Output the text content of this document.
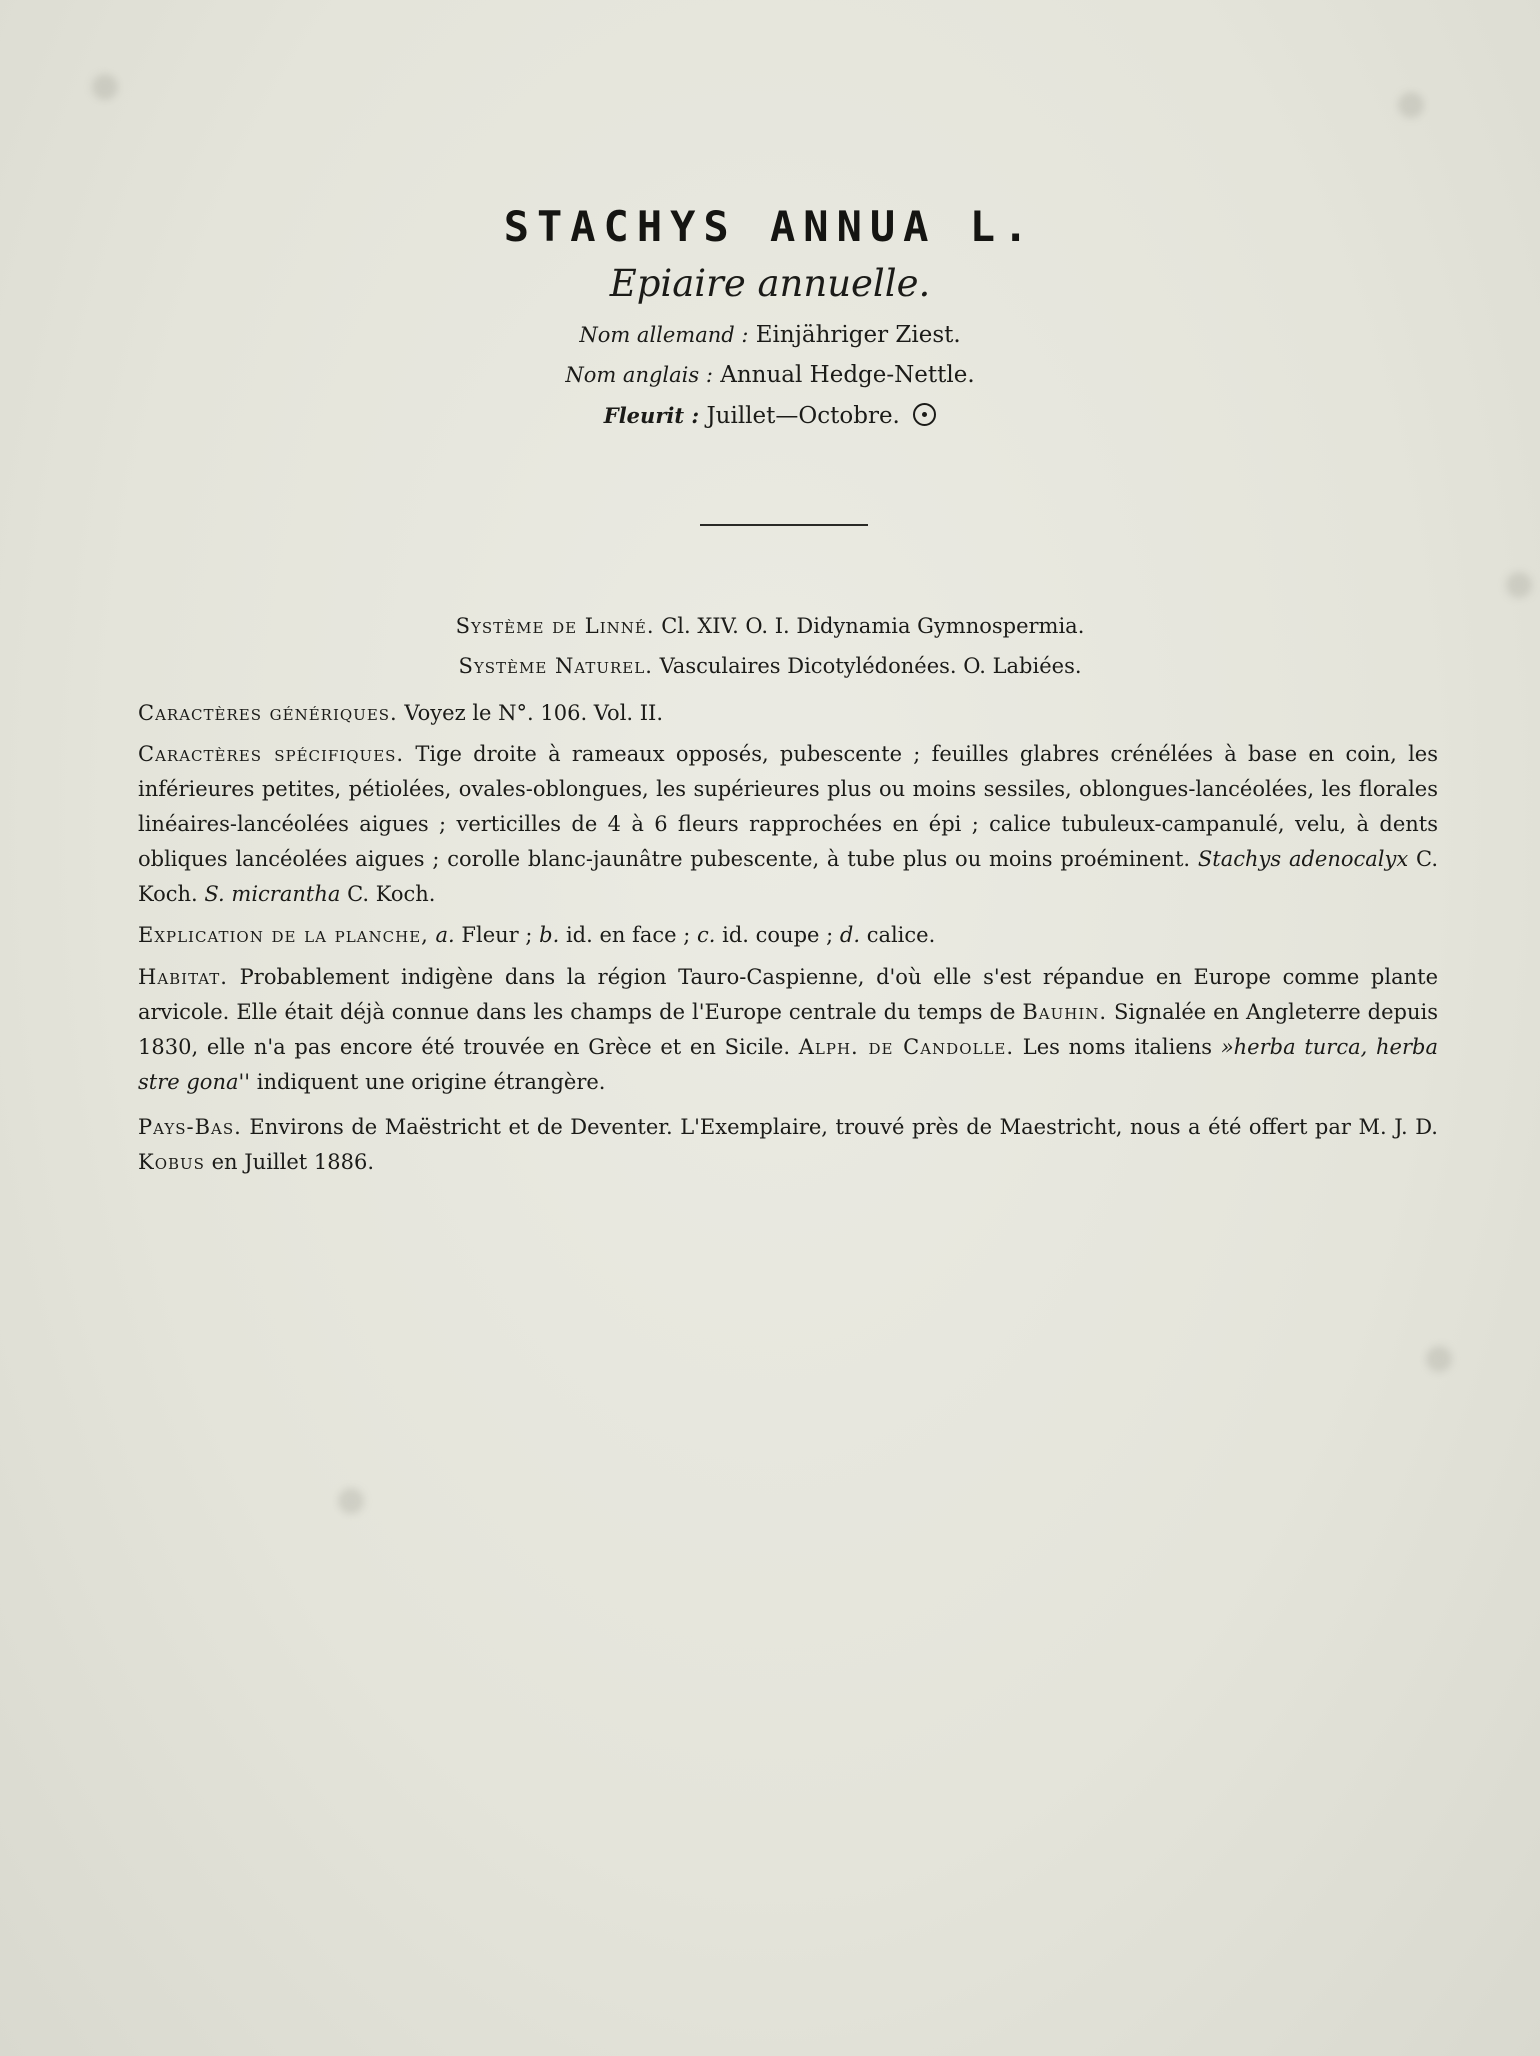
STACHYS ANNUA L.
Epiaire annuelle.
Nom allemand : Einjähriger Ziest.
Nom anglais : Annual Hedge-Nettle.
Fleurit : Juillet—Octobre.
Système de Linné. Cl. XIV. O. I. Didynamia Gymnospermia.
Système Naturel. Vasculaires Dicotylédonées. O. Labiées.
Caractères génériques. Voyez le N°. 106. Vol. II.
Caractères spécifiques. Tige droite à rameaux opposés, pubescente ; feuilles glabres crénélées à base en coin, les inférieures petites, pétiolées, ovales-oblongues, les supérieures plus ou moins sessiles, oblongues-lancéolées, les florales linéaires-lancéolées aigues ; verticilles de 4 à 6 fleurs rapprochées en épi ; calice tubuleux-campanulé, velu, à dents obliques lancéolées aigues ; corolle blanc-jaunâtre pubescente, à tube plus ou moins proéminent. Stachys adenocalyx C. Koch. S. micrantha C. Koch.
Explication de la planche, a. Fleur ; b. id. en face ; c. id. coupe ; d. calice.
Habitat. Probablement indigène dans la région Tauro-Caspienne, d'où elle s'est répandue en Europe comme plante arvicole. Elle était déjà connue dans les champs de l'Europe centrale du temps de Bauhin. Signalée en Angleterre depuis 1830, elle n'a pas encore été trouvée en Grèce et en Sicile. Alph. de Candolle. Les noms italiens »herba turca, herba stre gona'' indiquent une origine étrangère.
Pays-Bas. Environs de Maëstricht et de Deventer. L'Exemplaire, trouvé près de Maestricht, nous a été offert par M. J. D. Kobus en Juillet 1886.
